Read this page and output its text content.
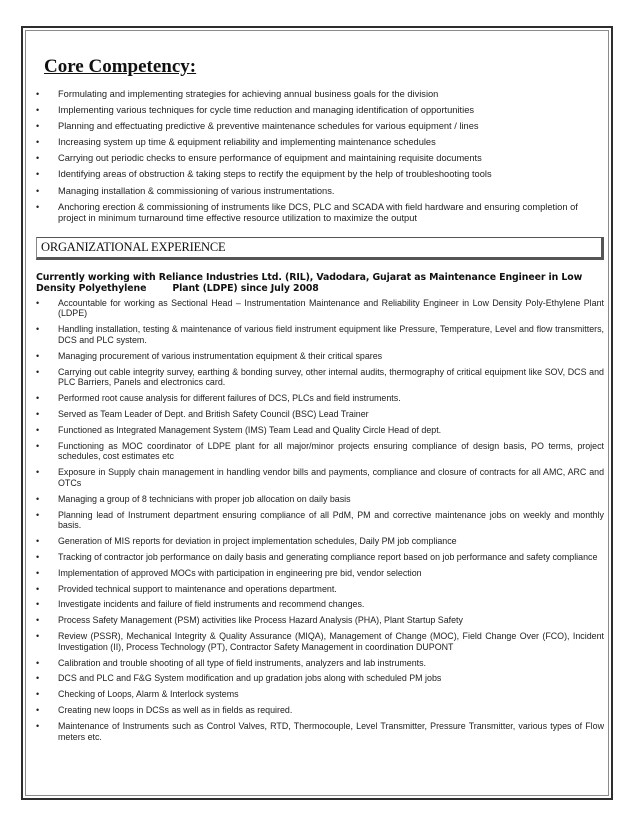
Core Competency:
•	Formulating and implementing strategies for achieving annual business goals for the division
•	Implementing various techniques for cycle time reduction and managing identification of opportunities
•	Planning and effectuating predictive & preventive maintenance schedules for various equipment / lines
•	Increasing system up time & equipment reliability and implementing maintenance schedules
•	Carrying out periodic checks to ensure performance of equipment and maintaining requisite documents
•	Identifying areas of obstruction & taking steps to rectify the equipment by the help of troubleshooting tools
•	Managing installation & commissioning of various instrumentations.
•	Anchoring erection & commissioning of instruments like DCS, PLC and SCADA with field hardware and ensuring completion of project in minimum turnaround time effective resource utilization to maximize the output
ORGANIZATIONAL EXPERIENCE
Currently working with Reliance Industries Ltd. (RIL), Vadodara, Gujarat as Maintenance Engineer in Low Density Polyethylene	Plant (LDPE) since July 2008
•	Accountable for working as Sectional Head – Instrumentation Maintenance and Reliability Engineer in Low Density Poly-Ethylene Plant (LDPE)
•	Handling installation, testing & maintenance of various field instrument equipment like Pressure, Temperature, Level and flow transmitters, DCS and PLC system.
•	Managing procurement of various instrumentation equipment & their critical spares
•	Carrying out cable integrity survey, earthing & bonding survey, other internal audits, thermography of critical equipment like SOV, DCS and PLC Barriers, Panels and electronics card.
•	Performed root cause analysis for different failures of DCS, PLCs and field instruments.
•	Served as Team Leader of Dept. and British Safety Council (BSC) Lead Trainer
•	Functioned as Integrated Management System (IMS) Team Lead and Quality Circle Head of dept.
•	Functioning as MOC coordinator of LDPE plant for all major/minor projects ensuring compliance of design basis, PO terms, project schedules, cost estimates etc
•	Exposure in Supply chain management in handling vendor bills and payments, compliance and closure of contracts for all AMC, ARC and OTCs
•	Managing a group of 8 technicians with proper job allocation on daily basis
•	Planning lead of Instrument department ensuring compliance of all PdM, PM and corrective maintenance jobs on weekly and monthly basis.
•	Generation of MIS reports for deviation in project implementation schedules, Daily PM job compliance
•	Tracking of contractor job performance on daily basis and generating compliance report based on job performance and safety compliance
•	Implementation of approved MOCs with participation in engineering pre bid, vendor selection
•	Provided technical support to maintenance and operations department.
•	Investigate incidents and failure of field instruments and recommend changes.
•	Process Safety Management (PSM) activities like Process Hazard Analysis (PHA), Plant Startup Safety
•	Review (PSSR), Mechanical Integrity & Quality Assurance (MIQA), Management of Change (MOC), Field Change Over (FCO), Incident Investigation (II), Process Technology (PT), Contractor Safety Management in coordination DUPONT
•	Calibration and trouble shooting of all type of field instruments, analyzers and lab instruments.
•	DCS and PLC and F&G System modification and up gradation jobs along with scheduled PM jobs
•	Checking of Loops, Alarm & Interlock systems
•	Creating new loops in DCSs as well as in fields as required.
•	Maintenance of Instruments such as Control Valves, RTD, Thermocouple, Level Transmitter, Pressure Transmitter, various types of Flow meters etc.
